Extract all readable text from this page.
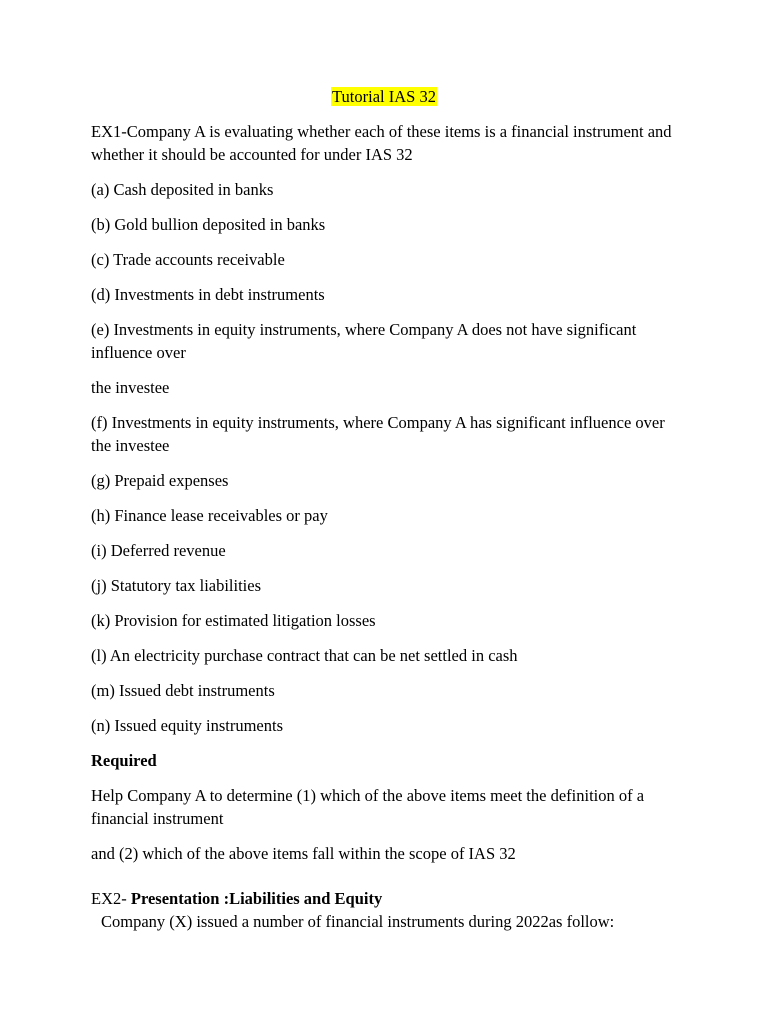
Tutorial IAS 32

EX1-Company A is evaluating whether each of these items is a financial instrument and whether it should be accounted for under IAS 32

(a) Cash deposited in banks

(b) Gold bullion deposited in banks

(c) Trade accounts receivable

(d) Investments in debt instruments

(e) Investments in equity instruments, where Company A does not have significant influence over

the investee

(f) Investments in equity instruments, where Company A has significant influence over the investee

(g) Prepaid expenses

(h) Finance lease receivables or pay

(i) Deferred revenue

(j) Statutory tax liabilities

(k) Provision for estimated litigation losses

(l) An electricity purchase contract that can be net settled in cash

(m) Issued debt instruments

(n) Issued equity instruments

Required

Help Company A to determine (1) which of the above items meet the definition of a financial instrument

and (2) which of the above items fall within the scope of IAS 32

EX2- Presentation :Liabilities and Equity

Company (X) issued a number of financial instruments during 2022as follow:
